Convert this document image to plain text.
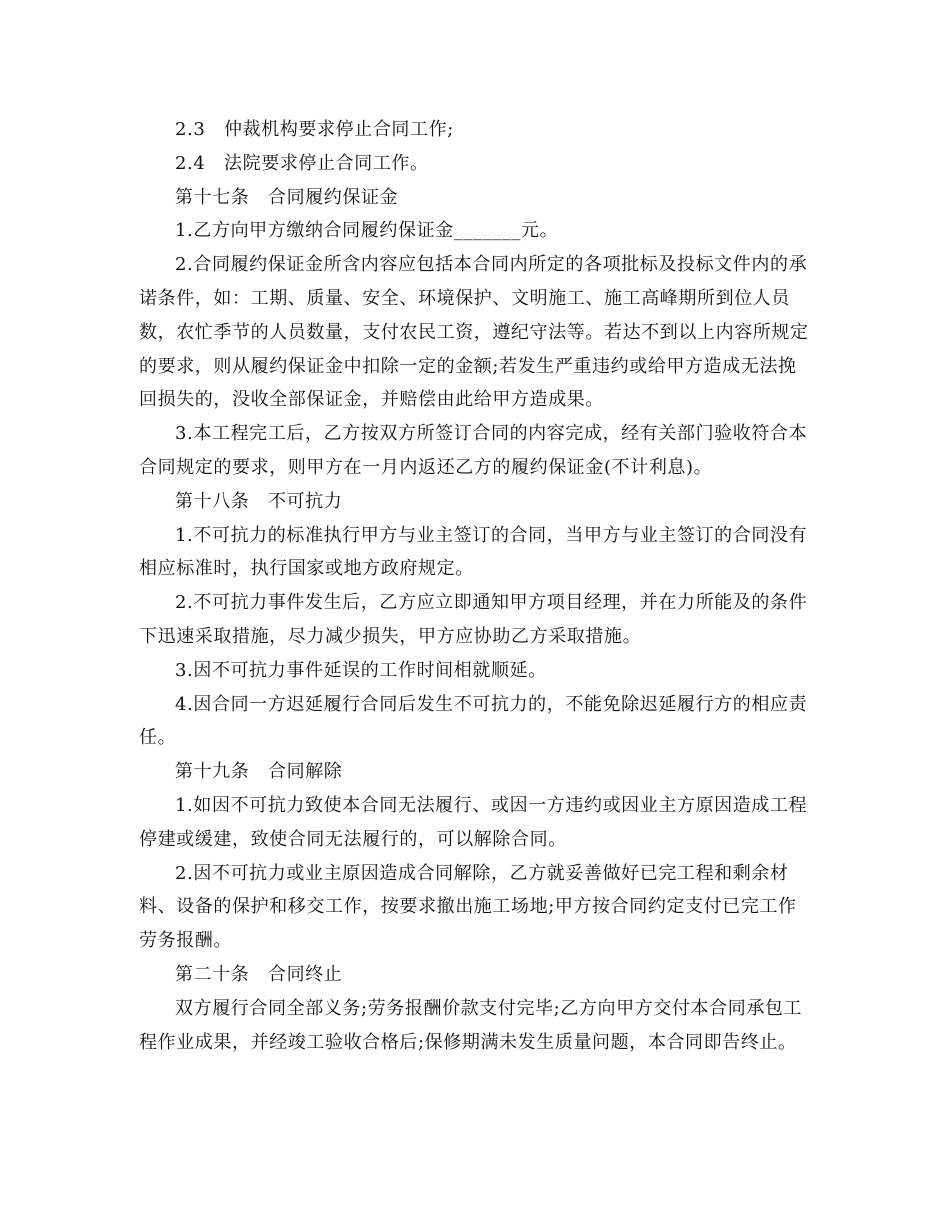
2.3　仲裁机构要求停止合同工作;

2.4　法院要求停止合同工作。

第十七条　合同履约保证金

1.乙方向甲方缴纳合同履约保证金_______元。

2.合同履约保证金所含内容应包括本合同内所定的各项批标及投标文件内的承诺条件，如：工期、质量、安全、环境保护、文明施工、施工高峰期所到位人员数，农忙季节的人员数量，支付农民工资，遵纪守法等。若达不到以上内容所规定的要求，则从履约保证金中扣除一定的金额;若发生严重违约或给甲方造成无法挽回损失的，没收全部保证金，并赔偿由此给甲方造成果。

3.本工程完工后，乙方按双方所签订合同的内容完成，经有关部门验收符合本合同规定的要求，则甲方在一月内返还乙方的履约保证金(不计利息)。

第十八条　不可抗力

1.不可抗力的标准执行甲方与业主签订的合同，当甲方与业主签订的合同没有相应标准时，执行国家或地方政府规定。

2.不可抗力事件发生后，乙方应立即通知甲方项目经理，并在力所能及的条件下迅速采取措施，尽力减少损失，甲方应协助乙方采取措施。

3.因不可抗力事件延误的工作时间相就顺延。

4.因合同一方迟延履行合同后发生不可抗力的，不能免除迟延履行方的相应责任。

第十九条　合同解除

1.如因不可抗力致使本合同无法履行、或因一方违约或因业主方原因造成工程停建或缓建，致使合同无法履行的，可以解除合同。

2.因不可抗力或业主原因造成合同解除，乙方就妥善做好已完工程和剩余材料、设备的保护和移交工作，按要求撤出施工场地;甲方按合同约定支付已完工作劳务报酬。

第二十条　合同终止

双方履行合同全部义务;劳务报酬价款支付完毕;乙方向甲方交付本合同承包工程作业成果，并经竣工验收合格后;保修期满未发生质量问题，本合同即告终止。
